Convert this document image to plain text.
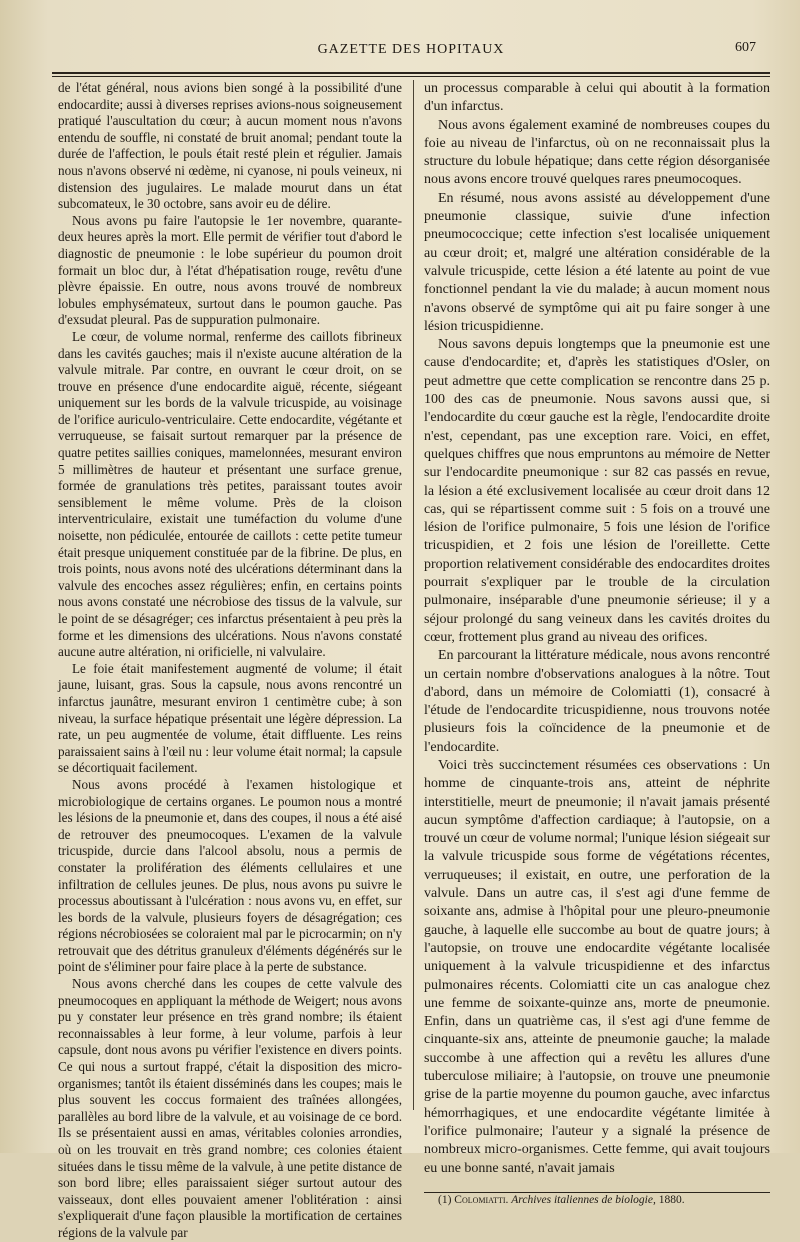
GAZETTE DES HOPITAUX	607

de l'état général, nous avions bien songé à la possibilité d'une endocardite; aussi à diverses reprises avions-nous soigneusement pratiqué l'auscultation du cœur; à aucun moment nous n'avons entendu de souffle, ni constaté de bruit anomal; pendant toute la durée de l'affection, le pouls était resté plein et régulier. Jamais nous n'avons observé ni œdème, ni cyanose, ni pouls veineux, ni distension des jugulaires. Le malade mourut dans un état subcomateux, le 30 octobre, sans avoir eu de délire.

Nous avons pu faire l'autopsie le 1er novembre, quarante-deux heures après la mort. Elle permit de vérifier tout d'abord le diagnostic de pneumonie : le lobe supérieur du poumon droit formait un bloc dur, à l'état d'hépatisation rouge, revêtu d'une plèvre épaissie. En outre, nous avons trouvé de nombreux lobules emphysémateux, surtout dans le poumon gauche. Pas d'exsudat pleural. Pas de suppuration pulmonaire.

Le cœur, de volume normal, renferme des caillots fibrineux dans les cavités gauches; mais il n'existe aucune altération de la valvule mitrale. Par contre, en ouvrant le cœur droit, on se trouve en présence d'une endocardite aiguë, récente, siégeant uniquement sur les bords de la valvule tricuspide, au voisinage de l'orifice auriculo-ventriculaire. Cette endocardite, végétante et verruqueuse, se faisait surtout remarquer par la présence de quatre petites saillies coniques, mamelonnées, mesurant environ 5 millimètres de hauteur et présentant une surface grenue, formée de granulations très petites, paraissant toutes avoir sensiblement le même volume. Près de la cloison interventriculaire, existait une tuméfaction du volume d'une noisette, non pédiculée, entourée de caillots : cette petite tumeur était presque uniquement constituée par de la fibrine. De plus, en trois points, nous avons noté des ulcérations déterminant dans la valvule des encoches assez régulières; enfin, en certains points nous avons constaté une nécrobiose des tissus de la valvule, sur le point de se désagréger; ces infarctus présentaient à peu près la forme et les dimensions des ulcérations. Nous n'avons constaté aucune autre altération, ni orificielle, ni valvulaire.

Le foie était manifestement augmenté de volume; il était jaune, luisant, gras. Sous la capsule, nous avons rencontré un infarctus jaunâtre, mesurant environ 1 centimètre cube; à son niveau, la surface hépatique présentait une légère dépression. La rate, un peu augmentée de volume, était diffluente. Les reins paraissaient sains à l'œil nu : leur volume était normal; la capsule se décortiquait facilement.

Nous avons procédé à l'examen histologique et microbiologique de certains organes. Le poumon nous a montré les lésions de la pneumonie et, dans des coupes, il nous a été aisé de retrouver des pneumocoques. L'examen de la valvule tricuspide, durcie dans l'alcool absolu, nous a permis de constater la prolifération des éléments cellulaires et une infiltration de cellules jeunes. De plus, nous avons pu suivre le processus aboutissant à l'ulcération : nous avons vu, en effet, sur les bords de la valvule, plusieurs foyers de désagrégation; ces régions nécrobiosées se coloraient mal par le picrocarmin; on n'y retrouvait que des détritus granuleux d'éléments dégénérés sur le point de s'éliminer pour faire place à la perte de substance.

Nous avons cherché dans les coupes de cette valvule des pneumocoques en appliquant la méthode de Weigert; nous avons pu y constater leur présence en très grand nombre; ils étaient reconnaissables à leur forme, à leur volume, parfois à leur capsule, dont nous avons pu vérifier l'existence en divers points. Ce qui nous a surtout frappé, c'était la disposition des micro-organismes; tantôt ils étaient disséminés dans les coupes; mais le plus souvent les coccus formaient des traînées allongées, parallèles au bord libre de la valvule, et au voisinage de ce bord. Ils se présentaient aussi en amas, véritables colonies arrondies, où on les trouvait en très grand nombre; ces colonies étaient situées dans le tissu même de la valvule, à une petite distance de son bord libre; elles paraissaient siéger surtout autour des vaisseaux, dont elles pouvaient amener l'oblitération : ainsi s'expliquerait d'une façon plausible la mortification de certaines régions de la valvule par

un processus comparable à celui qui aboutit à la formation d'un infarctus.

Nous avons également examiné de nombreuses coupes du foie au niveau de l'infarctus, où on ne reconnaissait plus la structure du lobule hépatique; dans cette région désorganisée nous avons encore trouvé quelques rares pneumocoques.

En résumé, nous avons assisté au développement d'une pneumonie classique, suivie d'une infection pneumococcique; cette infection s'est localisée uniquement au cœur droit; et, malgré une altération considérable de la valvule tricuspide, cette lésion a été latente au point de vue fonctionnel pendant la vie du malade; à aucun moment nous n'avons observé de symptôme qui ait pu faire songer à une lésion tricuspidienne.

Nous savons depuis longtemps que la pneumonie est une cause d'endocardite; et, d'après les statistiques d'Osler, on peut admettre que cette complication se rencontre dans 25 p. 100 des cas de pneumonie. Nous savons aussi que, si l'endocardite du cœur gauche est la règle, l'endocardite droite n'est, cependant, pas une exception rare. Voici, en effet, quelques chiffres que nous empruntons au mémoire de Netter sur l'endocardite pneumonique : sur 82 cas passés en revue, la lésion a été exclusivement localisée au cœur droit dans 12 cas, qui se répartissent comme suit : 5 fois on a trouvé une lésion de l'orifice pulmonaire, 5 fois une lésion de l'orifice tricuspidien, et 2 fois une lésion de l'oreillette. Cette proportion relativement considérable des endocardites droites pourrait s'expliquer par le trouble de la circulation pulmonaire, inséparable d'une pneumonie sérieuse; il y a séjour prolongé du sang veineux dans les cavités droites du cœur, frottement plus grand au niveau des orifices.

En parcourant la littérature médicale, nous avons rencontré un certain nombre d'observations analogues à la nôtre. Tout d'abord, dans un mémoire de Colomiatti (1), consacré à l'étude de l'endocardite tricuspidienne, nous trouvons notée plusieurs fois la coïncidence de la pneumonie et de l'endocardite.

Voici très succinctement résumées ces observations : Un homme de cinquante-trois ans, atteint de néphrite interstitielle, meurt de pneumonie; il n'avait jamais présenté aucun symptôme d'affection cardiaque; à l'autopsie, on a trouvé un cœur de volume normal; l'unique lésion siégeait sur la valvule tricuspide sous forme de végétations récentes, verruqueuses; il existait, en outre, une perforation de la valvule. Dans un autre cas, il s'est agi d'une femme de soixante ans, admise à l'hôpital pour une pleuro-pneumonie gauche, à laquelle elle succombe au bout de quatre jours; à l'autopsie, on trouve une endocardite végétante localisée uniquement à la valvule tricuspidienne et des infarctus pulmonaires récents. Colomiatti cite un cas analogue chez une femme de soixante-quinze ans, morte de pneumonie. Enfin, dans un quatrième cas, il s'est agi d'une femme de cinquante-six ans, atteinte de pneumonie gauche; la malade succombe à une affection qui a revêtu les allures d'une tuberculose miliaire; à l'autopsie, on trouve une pneumonie grise de la partie moyenne du poumon gauche, avec infarctus hémorrhagiques, et une endocardite végétante limitée à l'orifice pulmonaire; l'auteur y a signalé la présence de nombreux micro-organismes. Cette femme, qui avait toujours eu une bonne santé, n'avait jamais

(1) Colomiatti. Archives italiennes de biologie, 1880.
